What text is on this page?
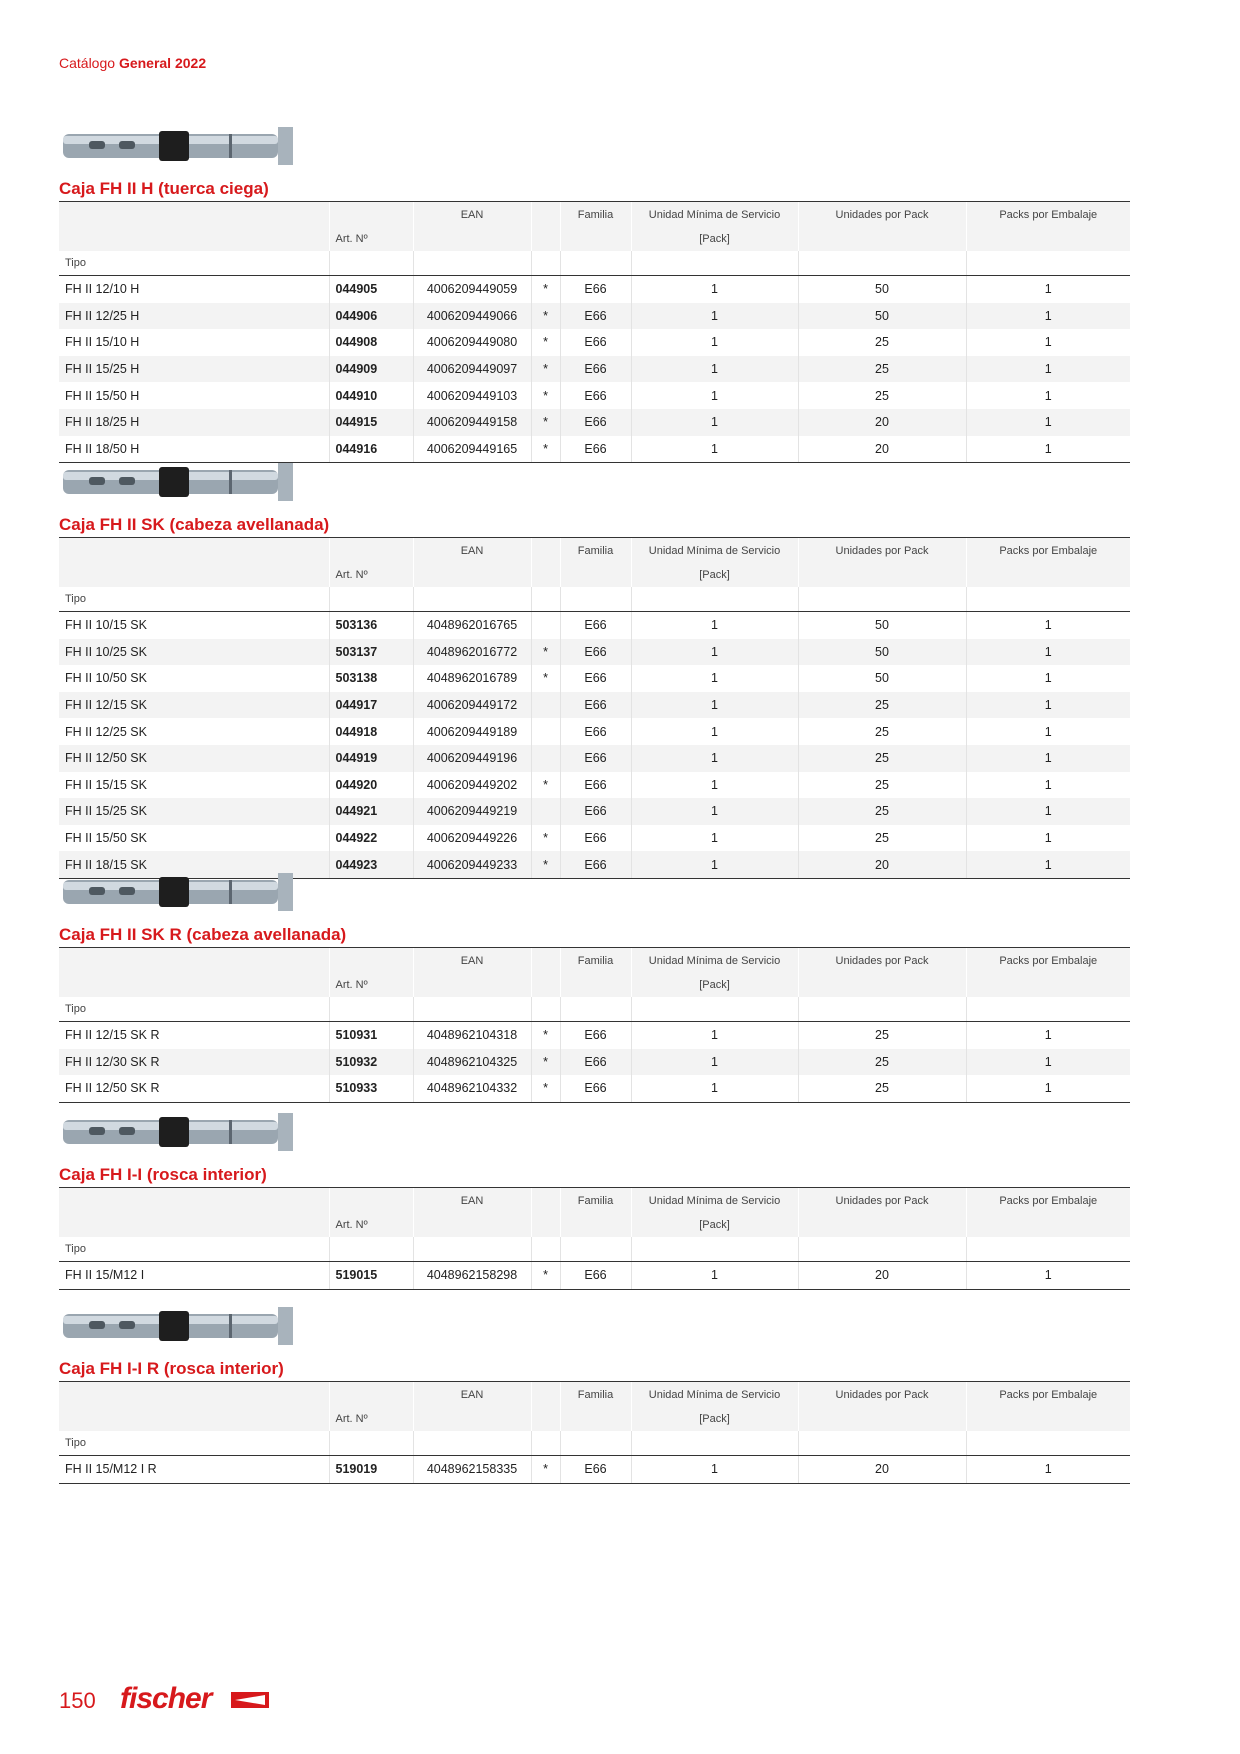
Catálogo General 2022
Caja FH II H (tuerca ciega)
		EAN		Familia	Unidad Mínima de Servicio	Unidades por Pack	Packs por Embalaje
	Art. Nº				[Pack]		
Tipo							
FH II 12/10 H	044905	4006209449059	*	E66	1	50	1
FH II 12/25 H	044906	4006209449066	*	E66	1	50	1
FH II 15/10 H	044908	4006209449080	*	E66	1	25	1
FH II 15/25 H	044909	4006209449097	*	E66	1	25	1
FH II 15/50 H	044910	4006209449103	*	E66	1	25	1
FH II 18/25 H	044915	4006209449158	*	E66	1	20	1
FH II 18/50 H	044916	4006209449165	*	E66	1	20	1
Caja FH II SK (cabeza avellanada)
		EAN		Familia	Unidad Mínima de Servicio	Unidades por Pack	Packs por Embalaje
	Art. Nº				[Pack]		
Tipo							
FH II 10/15 SK	503136	4048962016765		E66	1	50	1
FH II 10/25 SK	503137	4048962016772	*	E66	1	50	1
FH II 10/50 SK	503138	4048962016789	*	E66	1	50	1
FH II 12/15 SK	044917	4006209449172		E66	1	25	1
FH II 12/25 SK	044918	4006209449189		E66	1	25	1
FH II 12/50 SK	044919	4006209449196		E66	1	25	1
FH II 15/15 SK	044920	4006209449202	*	E66	1	25	1
FH II 15/25 SK	044921	4006209449219		E66	1	25	1
FH II 15/50 SK	044922	4006209449226	*	E66	1	25	1
FH II 18/15 SK	044923	4006209449233	*	E66	1	20	1
Caja FH II SK R (cabeza avellanada)
		EAN		Familia	Unidad Mínima de Servicio	Unidades por Pack	Packs por Embalaje
	Art. Nº				[Pack]		
Tipo							
FH II 12/15 SK R	510931	4048962104318	*	E66	1	25	1
FH II 12/30 SK R	510932	4048962104325	*	E66	1	25	1
FH II 12/50 SK R	510933	4048962104332	*	E66	1	25	1
Caja FH I-I (rosca interior)
		EAN		Familia	Unidad Mínima de Servicio	Unidades por Pack	Packs por Embalaje
	Art. Nº				[Pack]		
Tipo							
FH II 15/M12 I	519015	4048962158298	*	E66	1	20	1
Caja FH I-I R (rosca interior)
		EAN		Familia	Unidad Mínima de Servicio	Unidades por Pack	Packs por Embalaje
	Art. Nº				[Pack]		
Tipo							
FH II 15/M12 I R	519019	4048962158335	*	E66	1	20	1
150 fischer
